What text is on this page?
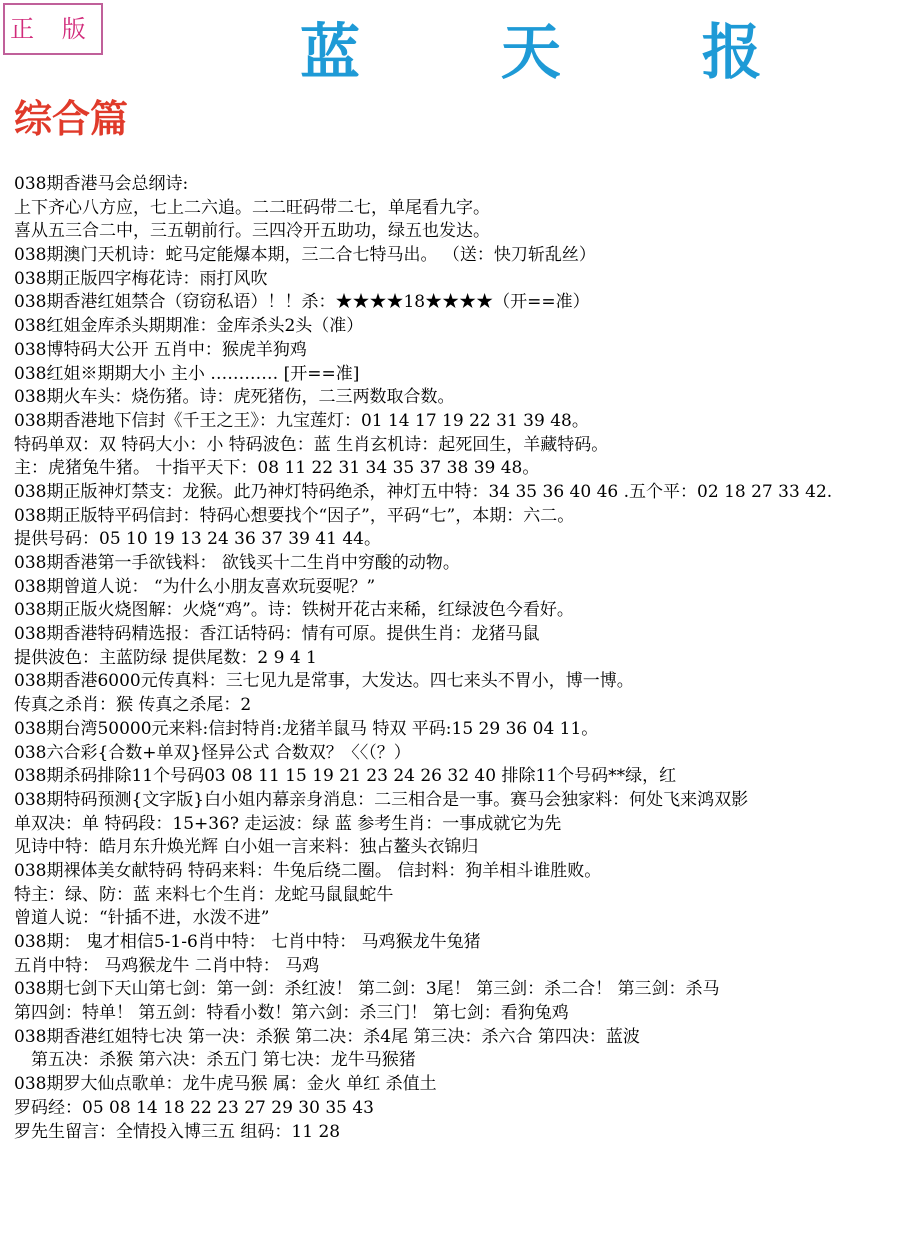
正 版	蓝 天 报
综合篇
038期香港马会总纲诗:
上下齐心八方应，七上二六追。二二旺码带二七，单尾看九字。
喜从五三合二中，三五朝前行。三四冷开五助功，绿五也发达。
038期澳门天机诗：蛇马定能爆本期，三二合七特马出。 （送：快刀斩乱丝）
038期正版四字梅花诗：雨打风吹
038期香港红姐禁合（窃窃私语）！！杀：★★★★18★★★★（开==准）
038红姐金库杀头期期准：金库杀头2头（准）
038博特码大公开 五肖中：猴虎羊狗鸡
038红姐※期期大小 主小 ………… [开==准]
038期火车头：烧伤猪。诗：虎死猪伤，二三两数取合数。
038期香港地下信封《千王之王》：九宝莲灯：01 14 17 19 22 31 39 48。
特码单双：双 特码大小：小 特码波色：蓝 生肖玄机诗：起死回生，羊藏特码。
主：虎猪兔牛猪。 十指平天下：08 11 22 31 34 35 37 38 39 48。
038期正版神灯禁支：龙猴。此乃神灯特码绝杀，神灯五中特：34 35 36 40 46 .五个平：02 18 27 33 42.
038期正版特平码信封：特码心想要找个“因子”，平码“七”，本期：六二。
提供号码：05 10 19 13 24 36 37 39 41 44。
038期香港第一手欲钱料： 欲钱买十二生肖中穷酸的动物。
038期曾道人说： “为什么小朋友喜欢玩耍呢？”
038期正版火烧图解：火烧“鸡”。诗：铁树开花古来稀，红绿波色今看好。
038期香港特码精选报：香江话特码：情有可原。提供生肖：龙猪马鼠
提供波色：主蓝防绿 提供尾数：2 9 4 1
038期香港6000元传真料：三七见九是常事，大发达。四七来头不胃小，博一博。
传真之杀肖：猴 传真之杀尾：2
038期台湾50000元来料:信封特肖:龙猪羊鼠马 特双 平码:15 29 36 04 11。
038六合彩{合数+单双}怪异公式 合数双？〈〈（？）
038期杀码排除11个号码03 08 11 15 19 21 23 24 26 32 40 排除11个号码**绿，红
038期特码预测{文字版}白小姐内幕亲身消息：二三相合是一事。赛马会独家料：何处飞来鸿双影
单双决：单 特码段：15+36? 走运波：绿 蓝 参考生肖：一事成就它为先
见诗中特：皓月东升焕光辉 白小姐一言来料：独占鳌头衣锦归
038期裸体美女献特码 特码来料：牛兔后绕二圈。 信封料：狗羊相斗谁胜败。
特主：绿、防：蓝 来料七个生肖：龙蛇马鼠鼠蛇牛
曾道人说：“针插不进，水泼不进”
038期： 鬼才相信5-1-6肖中特： 七肖中特： 马鸡猴龙牛兔猪
五肖中特： 马鸡猴龙牛 二肖中特： 马鸡
038期七剑下天山第七剑：第一剑：杀红波！ 第二剑：3尾！ 第三剑：杀二合！ 第三剑：杀马
第四剑：特单！ 第五剑：特看小数！第六剑：杀三门！ 第七剑：看狗兔鸡
038期香港红姐特七决 第一决：杀猴 第二决：杀4尾 第三决：杀六合 第四决：蓝波
　第五决：杀猴 第六决：杀五门 第七决：龙牛马猴猪
038期罗大仙点歌单：龙牛虎马猴 属：金火 单红 杀值土
罗码经：05 08 14 18 22 23 27 29 30 35 43
罗先生留言：全情投入博三五 组码：11 28
